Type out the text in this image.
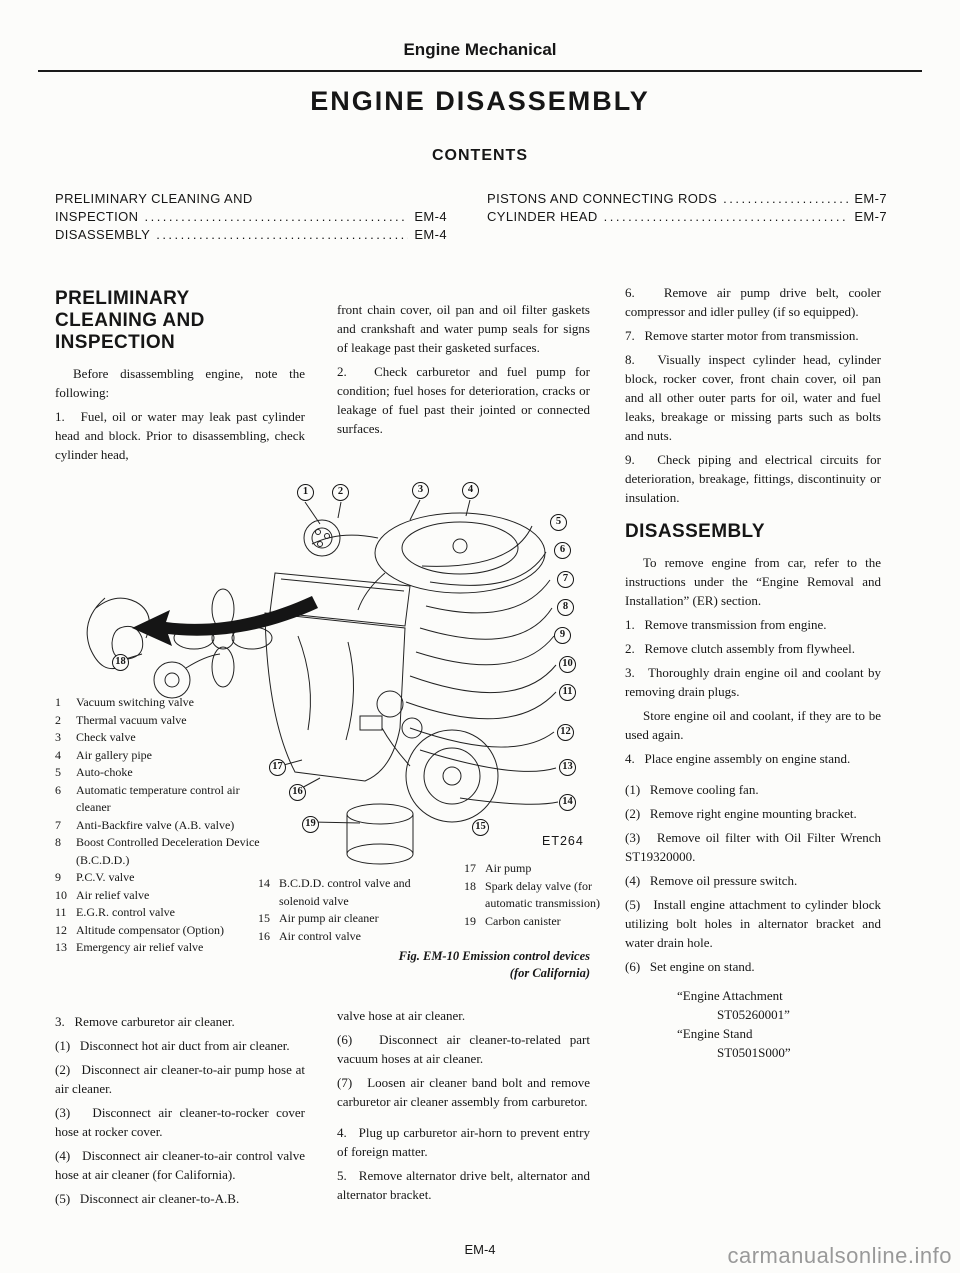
Engine Mechanical
ENGINE DISASSEMBLY
CONTENTS
PRELIMINARY CLEANING AND
INSPECTION .....	EM-4
DISASSEMBLY .....	EM-4
PISTONS AND CONNECTING RODS .....	EM-7
CYLINDER HEAD .....	EM-7
PRELIMINARY CLEANING AND INSPECTION

Before disassembling engine, note the following:

1.   Fuel, oil or water may leak past cylinder head and block. Prior to disassembling, check cylinder head,

front chain cover, oil pan and oil filter gaskets and crankshaft and water pump seals for signs of leakage past their gasketed surfaces.

2.   Check carburetor and fuel pump for condition; fuel hoses for deterioration, cracks or leakage of fuel past their jointed or connected surfaces.

6.   Remove air pump drive belt, cooler compressor and idler pulley (if so equipped).

7.   Remove starter motor from transmission.

8.   Visually inspect cylinder head, cylinder block, rocker cover, front chain cover, oil pan and all other outer parts for oil, water and fuel leaks, breakage or missing parts such as bolts and nuts.

9.   Check piping and electrical circuits for deterioration, breakage, fittings, discontinuity or insulation.

DISASSEMBLY

To remove engine from car, refer to the instructions under the “Engine Removal and Installation” (ER) section.

1.   Remove transmission from engine.

2.   Remove clutch assembly from flywheel.

3.   Thoroughly drain engine oil and coolant by removing drain plugs.

Store engine oil and coolant, if they are to be used again.

4.   Place engine assembly on engine stand.

(1)   Remove cooling fan.

(2)   Remove right engine mounting bracket.

(3)   Remove oil filter with Oil Filter Wrench ST19320000.

(4)   Remove oil pressure switch.

(5)   Install engine attachment to cylinder block utilizing bolt holes in alternator bracket and water drain hole.

(6)   Set engine on stand.

“Engine Attachment
ST05260001”
“Engine Stand
ST0501S000”
1	2	3	4
5
6
7
8
9
10
11
12
13
14
15
16
17
18
19
ET264
1	Vacuum switching valve
2	Thermal vacuum valve
3	Check valve
4	Air gallery pipe
5	Auto-choke
6	Automatic temperature control air cleaner
7	Anti-Backfire valve (A.B. valve)
8	Boost Controlled Deceleration Device (B.C.D.D.)
9	P.C.V. valve
10 Air relief valve
11 E.G.R. control valve
12 Altitude compensator (Option)
13 Emergency air relief valve
14 B.C.D.D. control valve and solenoid valve
15 Air pump air cleaner
16 Air control valve
17 Air pump
18 Spark delay valve (for automatic transmission)
19 Carbon canister
Fig. EM-10 Emission control devices
(for California)

3.   Remove carburetor air cleaner.

(1)   Disconnect hot air duct from air cleaner.

(2)   Disconnect air cleaner-to-air pump hose at air cleaner.

(3)   Disconnect air cleaner-to-rocker cover hose at rocker cover.

(4)   Disconnect air cleaner-to-air control valve hose at air cleaner (for California).

(5)   Disconnect air cleaner-to-A.B.

valve hose at air cleaner.

(6)   Disconnect air cleaner-to-related part vacuum hoses at air cleaner.

(7)   Loosen air cleaner band bolt and remove carburetor air cleaner assembly from carburetor.

4.   Plug up carburetor air-horn to prevent entry of foreign matter.

5.   Remove alternator drive belt, alternator and alternator bracket.

EM-4	carmanualsonline.info
